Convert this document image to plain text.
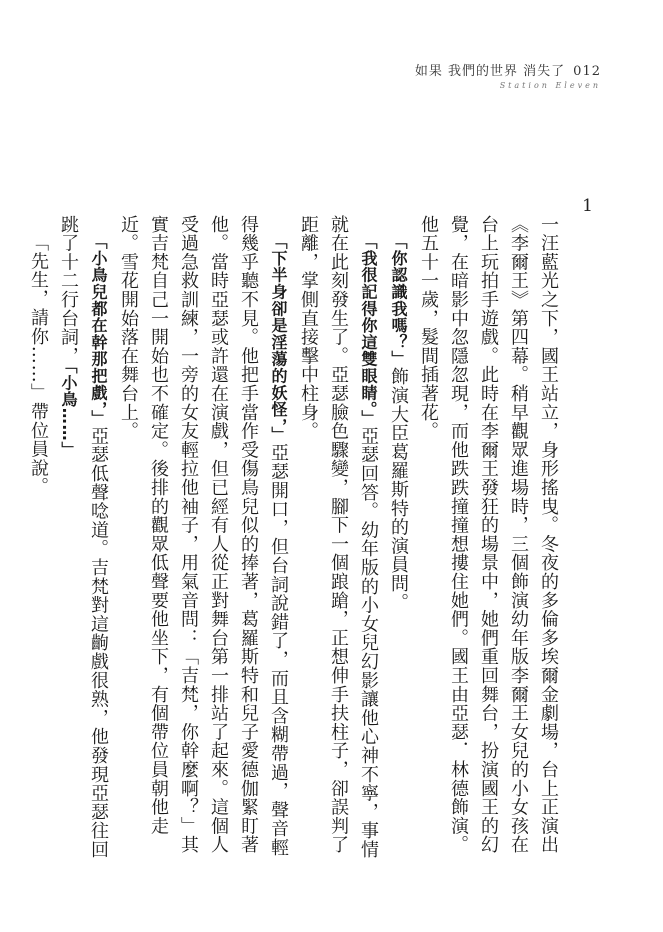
如果 我們的世界 消失了 012
Station Eleven
1

一汪藍光之下，國王站立，身形搖曳。冬夜的多倫多埃爾金劇場，台上正演出《李爾王》第四幕。稍早觀眾進場時，三個飾演幼年版李爾王女兒的小女孩在台上玩拍手遊戲。此時在李爾王發狂的場景中，她們重回舞台，扮演國王的幻覺，在暗影中忽隱忽現，而他跌跌撞撞想摟住她們。國王由亞瑟．林德飾演。他五十一歲，髮間插著花。

「你認識我嗎？」飾演大臣葛羅斯特的演員問。

「我很記得你這雙眼睛。」亞瑟回答。幼年版的小女兒幻影讓他心神不寧，事情就在此刻發生了。亞瑟臉色驟變，腳下一個踉蹌，正想伸手扶柱子，卻誤判了距離，掌側直接擊中柱身。

「下半身卻是淫蕩的妖怪，」亞瑟開口，但台詞說錯了，而且含糊帶過，聲音輕得幾乎聽不見。他把手當作受傷鳥兒似的捧著，葛羅斯特和兒子愛德伽緊盯著他。當時亞瑟或許還在演戲，但已經有人從正對舞台第一排站了起來。這個人受過急救訓練，一旁的女友輕拉他袖子，用氣音問：「吉梵，你幹麼啊？」其實吉梵自己一開始也不確定。後排的觀眾低聲要他坐下，有個帶位員朝他走近。雪花開始落在舞台上。

「小鳥兒都在幹那把戲，」亞瑟低聲唸道。吉梵對這齣戲很熟，他發現亞瑟往回跳了十二行台詞，「小鳥……」

「先生，請你……」帶位員說。
